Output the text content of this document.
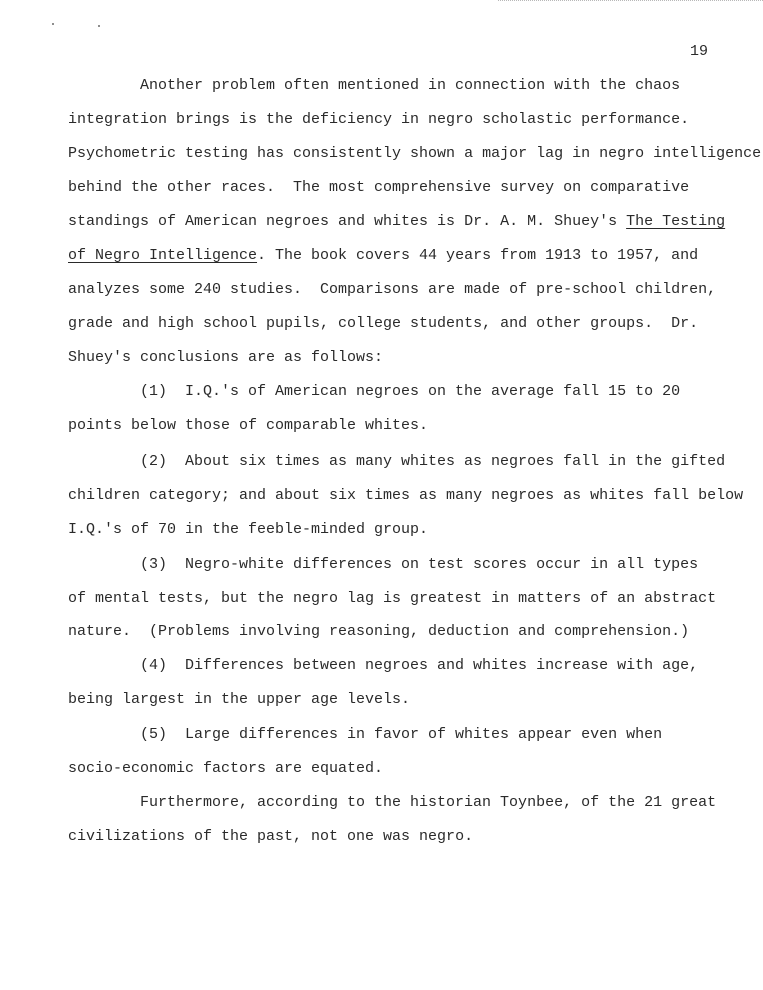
19
Another problem often mentioned in connection with the chaos
integration brings is the deficiency in negro scholastic performance.
Psychometric testing has consistently shown a major lag in negro intelligence
behind the other races.  The most comprehensive survey on comparative
standings of American negroes and whites is Dr. A. M. Shuey's The Testing
of Negro Intelligence. The book covers 44 years from 1913 to 1957, and
analyzes some 240 studies.  Comparisons are made of pre-school children,
grade and high school pupils, college students, and other groups.  Dr.
Shuey's conclusions are as follows:
(1)  I.Q.'s of American negroes on the average fall 15 to 20
points below those of comparable whites.
(2)  About six times as many whites as negroes fall in the gifted
children category; and about six times as many negroes as whites fall below
I.Q.'s of 70 in the feeble-minded group.
(3)  Negro-white differences on test scores occur in all types
of mental tests, but the negro lag is greatest in matters of an abstract
nature.  (Problems involving reasoning, deduction and comprehension.)
(4)  Differences between negroes and whites increase with age,
being largest in the upper age levels.
(5)  Large differences in favor of whites appear even when
socio-economic factors are equated.
Furthermore, according to the historian Toynbee, of the 21 great
civilizations of the past, not one was negro.
